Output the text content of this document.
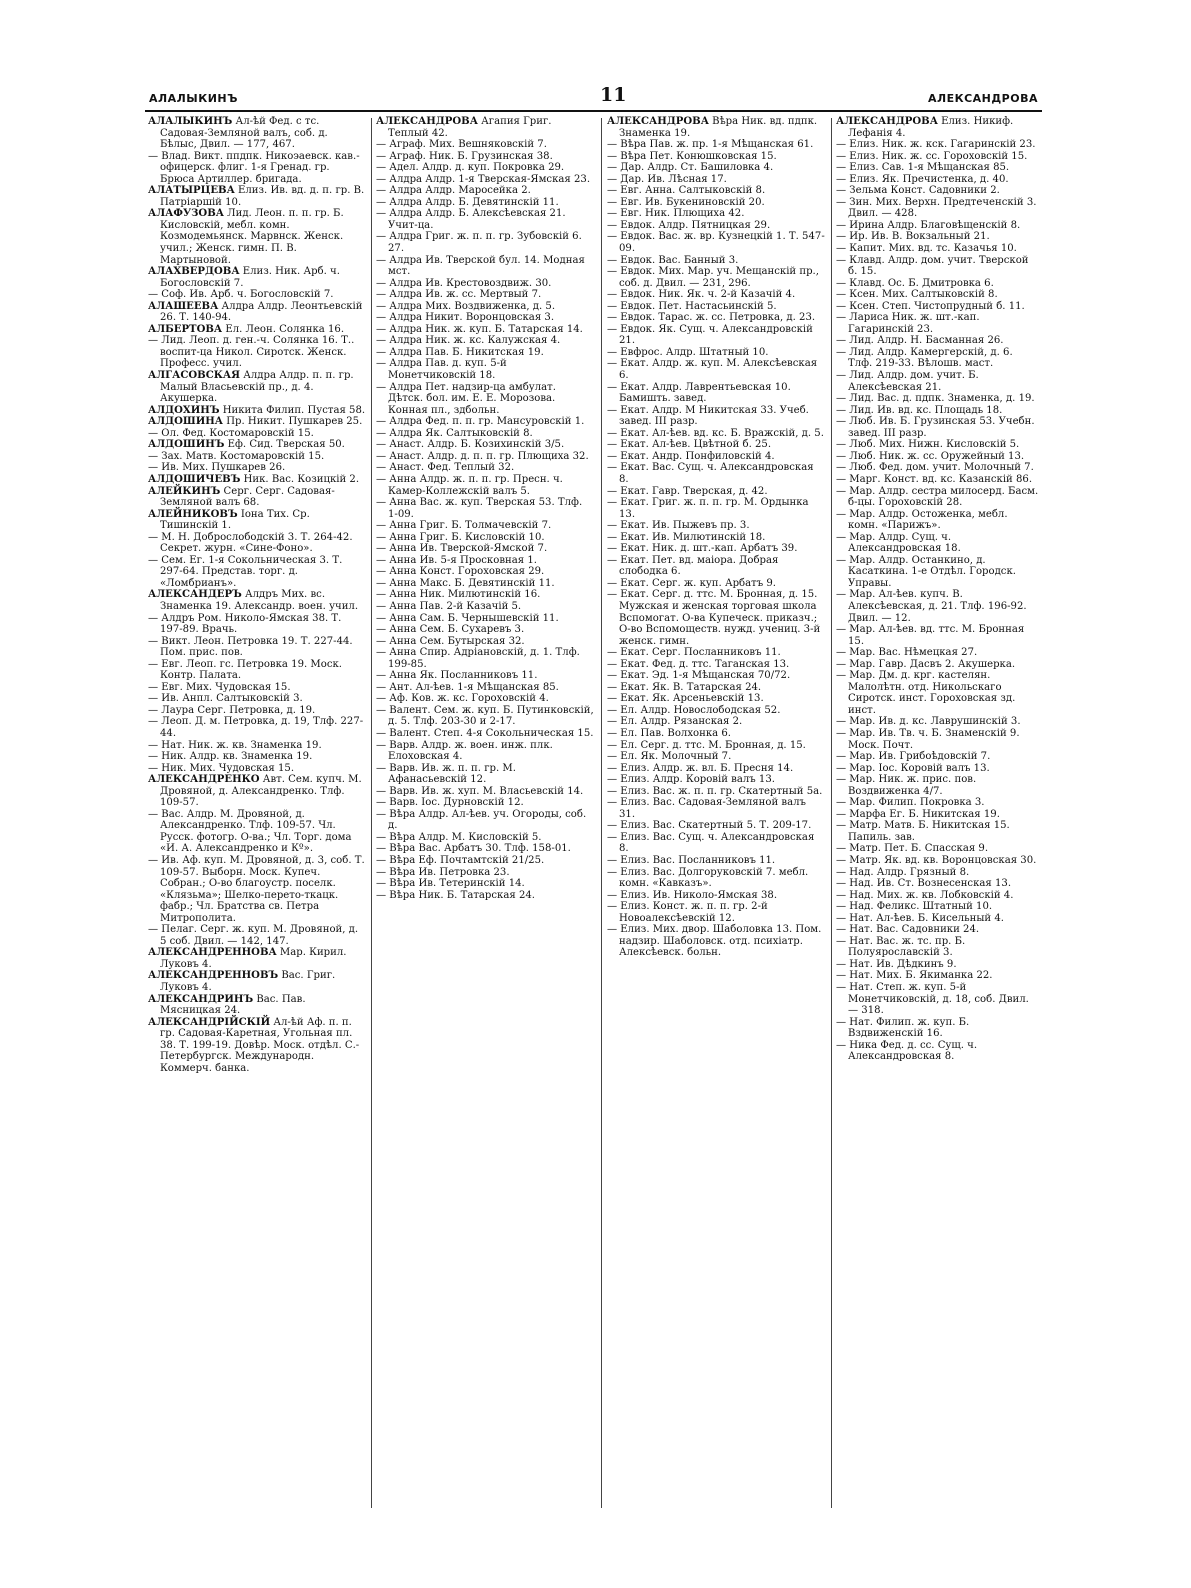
АЛАЛЫКИНЪ	11	АЛЕКСАНДРОВА

АЛАЛЫКИНЪ Ал-ѣй Фед. с тс. Садовая-Земляной валъ, соб. д. Бѣлыс, Двил. — 177, 467.

— Влад. Викт. ппдпк. Никоэаевск. кав.-офицерск. флиг. 1-я Гренад. гр. Брюса Артиллер. бригада.

АЛАТЫРЦЕВА Елиз. Ив. вд. д. п. гр. В. Патріаршій 10.

АЛАФУЗОВА Лид. Леон. п. п. гр. Б. Кисловскій, мебл. комн. Козмодемьянск. Марвнск. Женск. учил.; Женск. гимн. П. В. Мартыновой.

АЛАХВЕРДОВА Елиз. Ник. Арб. ч. Богословскій 7.

— Соф. Ив. Арб. ч. Богословскій 7.

АЛАШЕЕВА Алдра Алдр. Леонтьевскій 26. Т. 140-94.

АЛБЕРТОВА Ел. Леон. Солянка 16.

— Лид. Леоп. д. ген.-ч. Солянка 16. Т.. воспит-ца Никол. Сиротск. Женск. Професс. учил.

АЛГАСОВСКАЯ Алдра Алдр. п. п. гр. Малый Власьевскій пр., д. 4. Акушерка.

АЛДОХИНЪ Никита Филип. Пустая 58.

АЛДОШИНА Пр. Никит. Пушкарев 25.

— Ол. Фед. Костомаровскій 15.

АЛДОШИНЪ Еф. Сид. Тверская 50.

— Зах. Матв. Костомаровскій 15.

— Ив. Мих. Пушкарев 26.

АЛДОШИЧЕВЪ Ник. Вас. Козицкій 2.

АЛЕЙКИНЪ Серг. Серг. Садовая-Земляной валъ 68.

АЛЕЙНИКОВЪ Іона Тих. Ср. Тишинскій 1.

— М. Н. Доброслободскій 3. Т. 264-42. Секрет. журн. «Сине-Фоно».

— Сем. Ег. 1-я Сокольническая 3. Т. 297-64. Предстaв. торг. д. «Ломбрианъ».

АЛЕКСАНДЕРЪ Алдръ Мих. вс. Знаменка 19. Александр. воен. учил.

— Алдръ Ром. Николо-Ямская 38. Т. 197-89. Врачь.

— Викт. Леон. Петровка 19. Т. 227-44. Пом. прис. пов.

— Евг. Леоп. гс. Петровка 19. Моск. Контр. Палата.

— Евг. Мих. Чудовская 15.

— Ив. Анпл. Салтыковскій 3.

— Лаура Серг. Петровка, д. 19.

— Леоп. Д. м. Петровка, д. 19, Тлф. 227-44.

— Нат. Ник. ж. кв. Знаменка 19.

— Ник. Алдр. кв. Знаменка 19.

— Ник. Мих. Чудовская 15.

АЛЕКСАНДРЕНКО Авт. Сем. купч. М. Дровяной, д. Александренко. Тлф. 109-57.

— Вас. Алдр. М. Дровяной, д. Александренко. Тлф. 109-57. Чл. Русск. фотогр. О-ва.; Чл. Торг. дома «И. А. Александренко и Кº».

— Ив. Аф. куп. М. Дровяной, д. 3, соб. Т. 109-57. Выборн. Моск. Купеч. Собран.; О-во благоустр. поселк. «Клязьма»; Шелко-перето-ткацк. фабр.; Чл. Братства св. Петра Митрополита.

— Пелаг. Серг. ж. куп. М. Дровяной, д. 5 соб. Двил. — 142, 147.

АЛЕКСАНДРЕННОВА Мар. Кирил. Луковъ 4.

АЛЕКСАНДРЕННОВЪ Вас. Григ. Луковъ 4.

АЛЕКСАНДРИНЪ Вас. Пав. Мясницкая 24.

АЛЕКСАНДРІЙСКІЙ Ал-ѣй Аф. п. п. гр. Садовая-Каретная, Угольная пл. 38. Т. 199-19. Довѣр. Моск. отдѣл. С.-Петербургск. Международн. Коммерч. банка.

АЛЕКСАНДРОВА Агапия Григ. Теплый 42.

— Аграф. Мих. Вешняковскій 7.

— Аграф. Ник. Б. Грузинская 38.

— Адел. Алдр. д. куп. Покровка 29.

— Алдра Алдр. 1-я Тверская-Ямская 23.

— Алдра Алдр. Маросейка 2.

— Алдра Алдр. Б. Девятинскій 11.

— Алдра Алдр. Б. Алексѣевская 21. Учит-ца.

— Алдра Григ. ж. п. п. гр. Зубовскій 6. 27.

— Алдра Ив. Тверской бул. 14. Модная мст.

— Алдра Ив. Крестовоздвиж. 30.

— Алдра Ив. ж. сс. Мертвый 7.

— Алдра Мих. Воздвиженка, д. 5.

— Алдра Никит. Воронцовская 3.

— Алдра Ник. ж. куп. Б. Татарская 14.

— Алдра Ник. ж. кс. Калужская 4.

— Алдра Пав. Б. Никитская 19.

— Алдра Пав. д. куп. 5-й Монетчиковскій 18.

— Алдра Пет. надзир-ца амбулат. Дѣтск. бол. им. Е. Е. Морозова. Конная пл., здбольн.

— Алдра Фед. п. п. гр. Мансуровскій 1.

— Алдра Як. Салтыковскій 8.

— Анаст. Алдр. Б. Козихинскій 3/5.

— Анаст. Алдр. д. п. п. гр. Плющиха 32.

— Анаст. Фед. Теплый 32.

— Анна Алдр. ж. п. п. гр. Пресн. ч. Камер-Коллежскій валъ 5.

— Анна Вас. ж. куп. Тверская 53. Тлф. 1-09.

— Анна Григ. Б. Толмачевскій 7.

— Анна Григ. Б. Кисловскій 10.

— Анна Ив. Тверской-Ямской 7.

— Анна Ив. 5-я Просковная 1.

— Анна Конст. Гороховская 29.

— Анна Макс. Б. Девятинскій 11.

— Анна Ник. Милютинскій 16.

— Анна Пав. 2-й Казачій 5.

— Анна Сам. Б. Чернышевскій 11.

— Анна Сем. Б. Сухаревъ 3.

— Анна Сем. Бутырская 32.

— Анна Спир. Адріановскій, д. 1. Тлф. 199-85.

— Анна Як. Посланниковъ 11.

— Ант. Ал-ѣев. 1-я Мѣщанская 85.

— Аф. Ков. ж. кс. Гороховскій 4.

— Валент. Сем. ж. куп. Б. Путинковскій, д. 5. Тлф. 203-30 и 2-17.

— Валент. Степ. 4-я Сокольническая 15.

— Варв. Алдр. ж. воен. инж. плк. Елоховская 4.

— Варв. Ив. ж. п. п. гр. М. Афанасьевскій 12.

— Варв. Ив. ж. хуп. М. Власьевскій 14.

— Варв. Іос. Дурновскій 12.

— Вѣра Алдр. Ал-ѣев. уч. Огороды, соб. д.

— Вѣра Алдр. М. Кисловскій 5.

— Вѣра Вас. Арбатъ 30. Тлф. 158-01.

— Вѣра Еф. Почтамтскій 21/25.

— Вѣра Ив. Петровка 23.

— Вѣра Ив. Тетеринскій 14.

— Вѣра Ник. Б. Татарская 24.

АЛЕКСАНДРОВА Вѣра Ник. вд. пдпк. Знаменка 19.

— Вѣра Пав. ж. пр. 1-я Мѣщанская 61.

— Вѣра Пет. Конюшковская 15.

— Дар. Алдр. Ст. Башиловка 4.

— Дар. Ив. Лѣсная 17.

— Евг. Анна. Салтыковскій 8.

— Евг. Ив. Букениновскій 20.

— Евг. Ник. Плющиха 42.

— Евдок. Алдр. Пятницкая 29.

— Евдок. Вас. ж. вр. Кузнецкій 1. Т. 547-09.

— Евдок. Вас. Банный 3.

— Евдок. Мих. Мар. уч. Мещанскій пр., соб. д. Двил. — 231, 296.

— Евдок. Ник. Як. ч. 2-й Казачій 4.

— Евдок. Пет. Настасьинскій 5.

— Евдок. Тарас. ж. сс. Петровка, д. 23.

— Евдок. Як. Сущ. ч. Александровскій 21.

— Евфрос. Алдр. Штатный 10.

— Екат. Алдр. ж. куп. М. Алексѣевская 6.

— Екат. Алдр. Лаврентьевская 10. Бамишть. завед.

— Екат. Алдр. М Никитская 33. Учеб. завед. III разр.

— Екат. Ал-ѣев. вд. кс. Б. Вражскій, д. 5.

— Екат. Ал-ѣев. Цвѣтной б. 25.

— Екат. Андр. Понфиловскій 4.

— Екат. Вас. Сущ. ч. Александровская 8.

— Екат. Гавр. Тверская, д. 42.

— Екат. Григ. ж. п. п. гр. М. Ордынка 13.

— Екат. Ив. Пыжевъ пр. 3.

— Екат. Ив. Милютинскій 18.

— Екат. Ник. д. шт.-кап. Арбатъ 39.

— Екат. Пет. вд. маіора. Добрая слободка 6.

— Екат. Серг. ж. куп. Арбатъ 9.

— Екат. Серг. д. ттс. М. Бронная, д. 15. Мужская и женская торговая школа Вспомогат. О-ва Купеческ. приказч.; О-во Вспомоществ. нужд. учениц. 3-й женск. гимн.

— Екат. Серг. Посланниковъ 11.

— Екат. Фед. д. ттс. Таганская 13.

— Екат. Эд. 1-я Мѣщанская 70/72.

— Екат. Як. В. Татарская 24.

— Екат. Як. Арсеньевскій 13.

— Ел. Алдр. Новослободская 52.

— Ел. Алдр. Рязанская 2.

— Ел. Пав. Волхонка 6.

— Ел. Серг. д. ттс. М. Бронная, д. 15.

— Ел. Як. Молочный 7.

— Елиз. Алдр. ж. вл. Б. Пресня 14.

— Елиз. Алдр. Коровій валъ 13.

— Елиз. Вас. ж. п. п. гр. Скатертный 5а.

— Елиз. Вас. Садовая-Земляной валъ 31.

— Елиз. Вас. Скатертный 5. Т. 209-17.

— Елиз. Вас. Сущ. ч. Александровская 8.

— Елиз. Вас. Посланниковъ 11.

— Елиз. Вас. Долгоруковскій 7. мебл. комн. «Кавказъ».

— Елиз. Ив. Николо-Ямская 38.

— Елиз. Конст. ж. п. п. гр. 2-й Новоалексѣевскій 12.

— Елиз. Мих. двор. Шаболовка 13. Пом. надзир. Шаболовск. отд. психіатр. Алексѣевск. больн.

АЛЕКСАНДРОВА Елиз. Никиф. Лефанія 4.

— Елиз. Ник. ж. кск. Гагаринскій 23.

— Елиз. Ник. ж. сс. Гороховскій 15.

— Елиз. Сав. 1-я Мѣщанская 85.

— Елиз. Як. Пречистенка, д. 40.

— Зельма Конст. Садовники 2.

— Зин. Мих. Верхн. Предтеченскій 3. Двил. — 428.

— Ирина Алдр. Благовѣщенскій 8.

— Ир. Ив. В. Вокзальный 21.

— Капит. Мих. вд. тс. Казачья 10.

— Клавд. Алдр. дом. учит. Тверской б. 15.

— Клавд. Ос. Б. Дмитровка 6.

— Ксен. Мих. Салтыковскій 8.

— Ксен. Степ. Чистопрудный б. 11.

— Лариса Ник. ж. шт.-кап. Гагаринскій 23.

— Лид. Алдр. Н. Басманная 26.

— Лид. Алдр. Камергерскій, д. 6. Тлф. 219-33. Вѣлошв. маст.

— Лид. Алдр. дом. учит. Б. Алексѣевская 21.

— Лид. Вас. д. пдпк. Знаменка, д. 19.

— Лид. Ив. вд. кс. Площадь 18.

— Люб. Ив. Б. Грузинская 53. Учебн. завед. III разр.

— Люб. Мих. Нижн. Кисловскій 5.

— Люб. Ник. ж. сс. Оружейный 13.

— Люб. Фед. дом. учит. Молочный 7.

— Марг. Конст. вд. кс. Казанскій 86.

— Мар. Алдр. сестра милосерд. Басм. б-цы. Гороховскій 28.

— Мар. Алдр. Остоженка, мебл. комн. «Парижъ».

— Мар. Алдр. Сущ. ч. Александровская 18.

— Мар. Алдр. Останкино, д. Касаткина. 1-е Отдѣл. Городск. Управы.

— Мар. Ал-ѣев. купч. В. Алексѣевская, д. 21. Тлф. 196-92. Двил. — 12.

— Мар. Ал-ѣев. вд. ттс. М. Бронная 15.

— Мар. Вас. Нѣмецкая 27.

— Мар. Гавр. Дасвъ 2. Акушерка.

— Мар. Дм. д. крг. кастелян. Малолѣтн. отд. Никольскаго Сиротск. инст. Гороховская зд. инст.

— Мар. Ив. д. кс. Лаврушинскій 3.

— Мар. Ив. Тв. ч. Б. Знаменскій 9. Моск. Почт.

— Мар. Ив. Грибоѣдовскій 7.

— Мар. Іос. Коровій валъ 13.

— Мар. Ник. ж. прис. пов. Воздвиженка 4/7.

— Мар. Филип. Покровка 3.

— Марфа Ег. Б. Никитская 19.

— Матр. Матв. Б. Никитская 15. Папиль. зав.

— Матр. Пет. Б. Спасская 9.

— Матр. Як. вд. кв. Воронцовская 30.

— Над. Алдр. Грязный 8.

— Над. Ив. Ст. Вознесенская 13.

— Над. Мих. ж. кв. Лобковскій 4.

— Над. Феликс. Штатный 10.

— Нат. Ал-ѣев. Б. Кисельный 4.

— Нат. Вас. Садовники 24.

— Нат. Вас. ж. тс. пр. Б. Полуярославскій 3.

— Нат. Ив. Дѣдкинъ 9.

— Нат. Мих. Б. Якиманка 22.

— Нат. Степ. ж. куп. 5-й Монетчиковскій, д. 18, соб. Двил. — 318.

— Нат. Филип. ж. куп. Б. Вздвиженскій 16.

— Ника Фед. д. сс. Сущ. ч. Александровская 8.
